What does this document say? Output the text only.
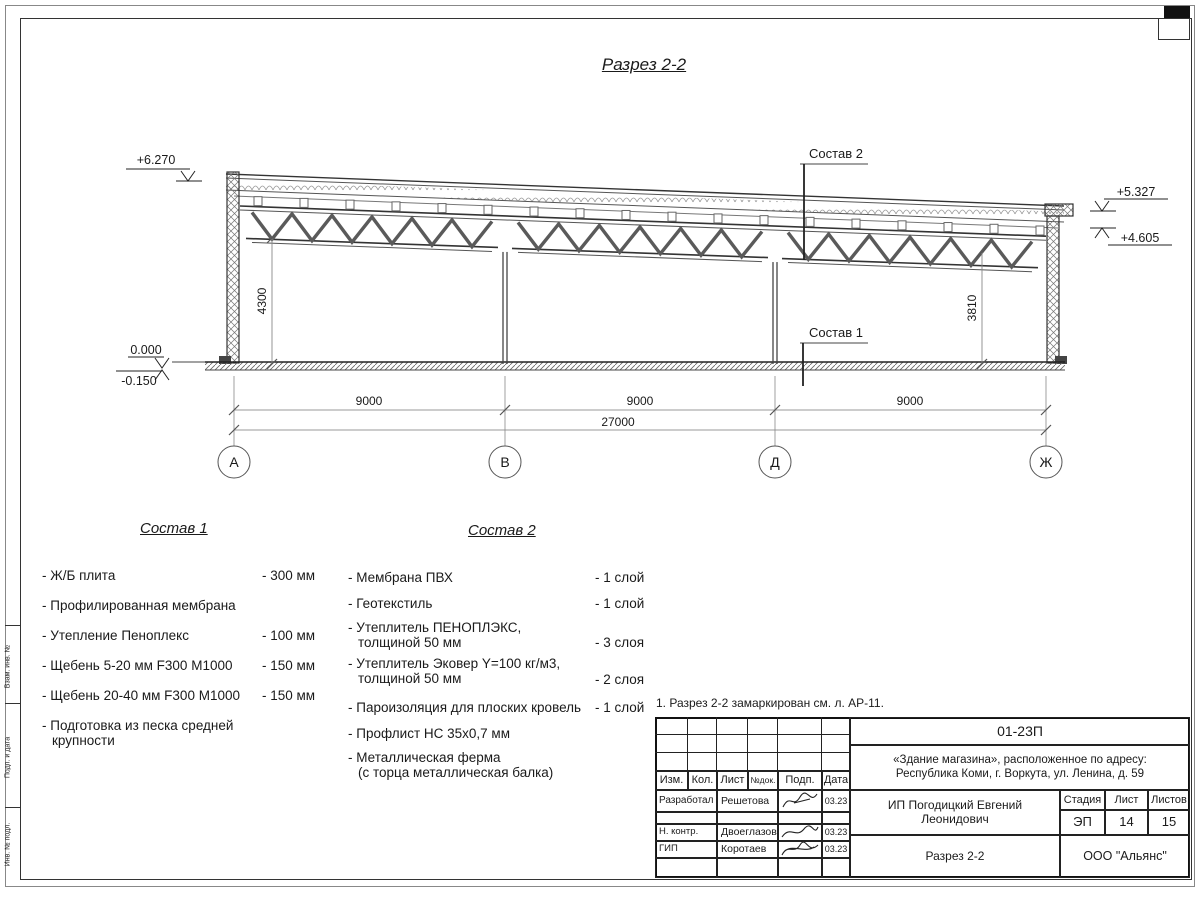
Взам. инв. №
Подп. и дата
Инв. № подл.
Разрез 2-2
Состав 2
Состав 1
+6.270
0.000
-0.150
+5.327
+4.605
4300	3810
9000	9000	9000
27000
А	В	Д	Ж
Состав 1
- Ж/Б плита	- 300 мм
- Профилированная мембрана
- Утепление Пеноплекс	- 100 мм
- Щебень 5-20 мм F300 М1000 - 150 мм
- Щебень 20-40 мм F300 М1000 - 150 мм
- Подготовка из песка средней
крупности
Состав 2
- Мембрана ПВХ	- 1 слой
- Геотекстиль	- 1 слой
- Утеплитель ПЕНОПЛЭКС,
толщиной 50 мм	- 3 слоя
- Утеплитель Эковер Y=100 кг/м3,
толщиной 50 мм	- 2 слоя
- Пароизоляция для плоских кровель - 1 слой
- Профлист НС 35х0,7 мм
- Металлическая ферма
(с торца металлическая балка)
1. Разрез 2-2 замаркирован см. л. АР-11.
Изм. Кол. Лист №док. Подп. Дата
Разработал Решетова	03.23
Н. контр.	Двоеглазов	03.23
ГИП	Коротаев	03.23
01-23П
«Здание магазина», расположенное по адресу:
Республика Коми, г. Воркута, ул. Ленина, д. 59
ИП Погодицкий Евгений Леонидович
Разрез 2-2
Стадия	Лист	Листов
ЭП	14	15
ООО "Альянс"
